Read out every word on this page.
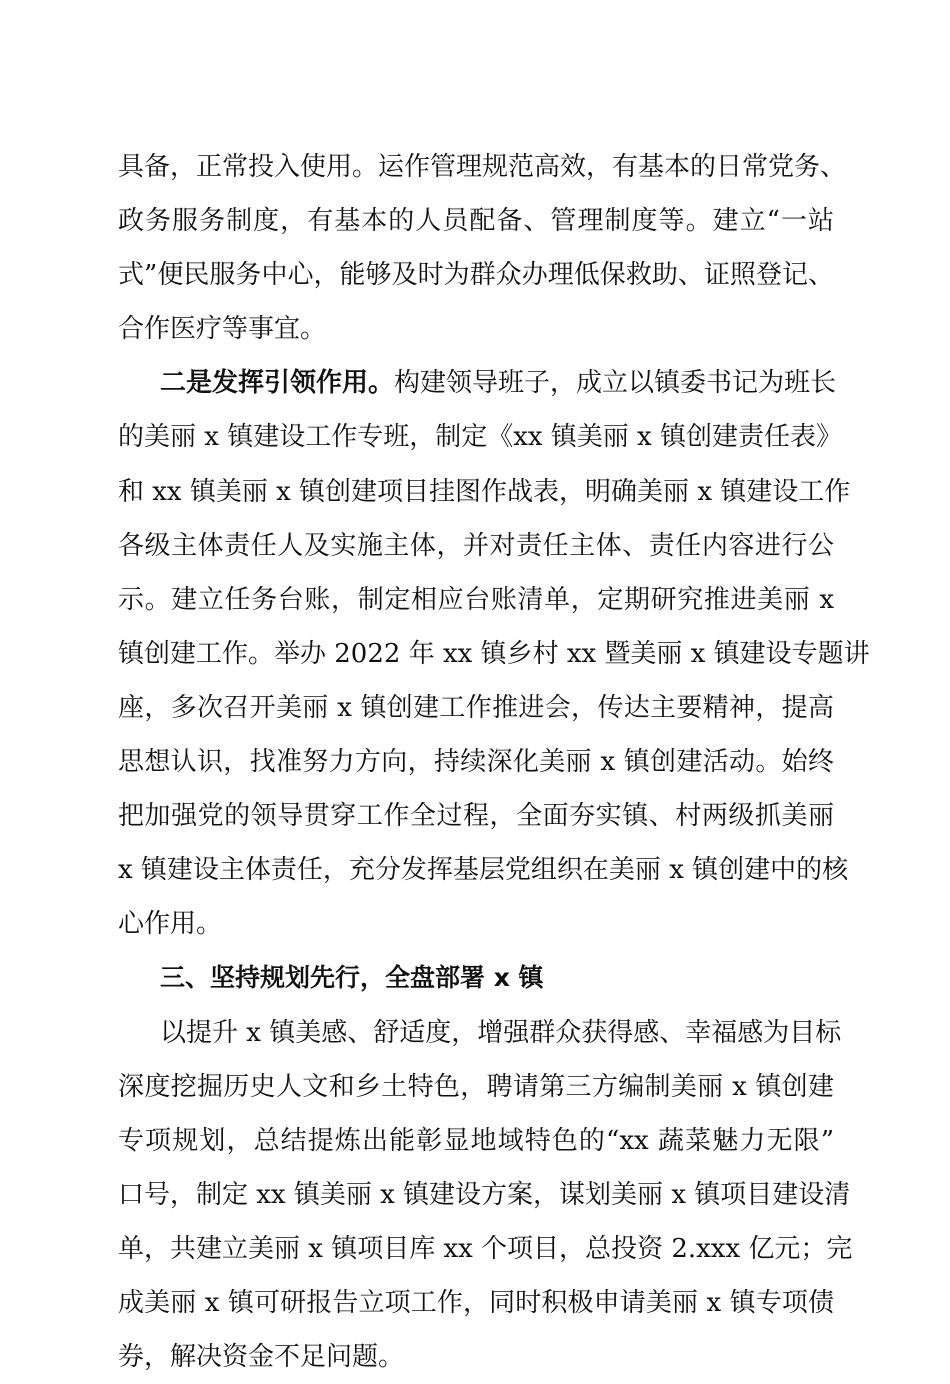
具备，正常投入使用。运作管理规范高效，有基本的日常党务、
政务服务制度，有基本的人员配备、管理制度等。建立“一站
式”便民服务中心，能够及时为群众办理低保救助、证照登记、
合作医疗等事宜。
二是发挥引领作用。构建领导班子，成立以镇委书记为班长
的美丽 x 镇建设工作专班，制定《xx 镇美丽 x 镇创建责任表》
和 xx 镇美丽 x 镇创建项目挂图作战表，明确美丽 x 镇建设工作
各级主体责任人及实施主体，并对责任主体、责任内容进行公
示。建立任务台账，制定相应台账清单，定期研究推进美丽 x
镇创建工作。举办 2022 年 xx 镇乡村 xx 暨美丽 x 镇建设专题讲
座，多次召开美丽 x 镇创建工作推进会，传达主要精神，提高
思想认识，找准努力方向，持续深化美丽 x 镇创建活动。始终
把加强党的领导贯穿工作全过程，全面夯实镇、村两级抓美丽
x 镇建设主体责任，充分发挥基层党组织在美丽 x 镇创建中的核
心作用。
三、坚持规划先行，全盘部署 x 镇
以提升 x 镇美感、舒适度，增强群众获得感、幸福感为目标
深度挖掘历史人文和乡土特色，聘请第三方编制美丽 x 镇创建
专项规划，总结提炼出能彰显地域特色的“xx 蔬菜魅力无限”
口号，制定 xx 镇美丽 x 镇建设方案，谋划美丽 x 镇项目建设清
单，共建立美丽 x 镇项目库 xx 个项目，总投资 2.xxx 亿元；完
成美丽 x 镇可研报告立项工作，同时积极申请美丽 x 镇专项债
券，解决资金不足问题。
